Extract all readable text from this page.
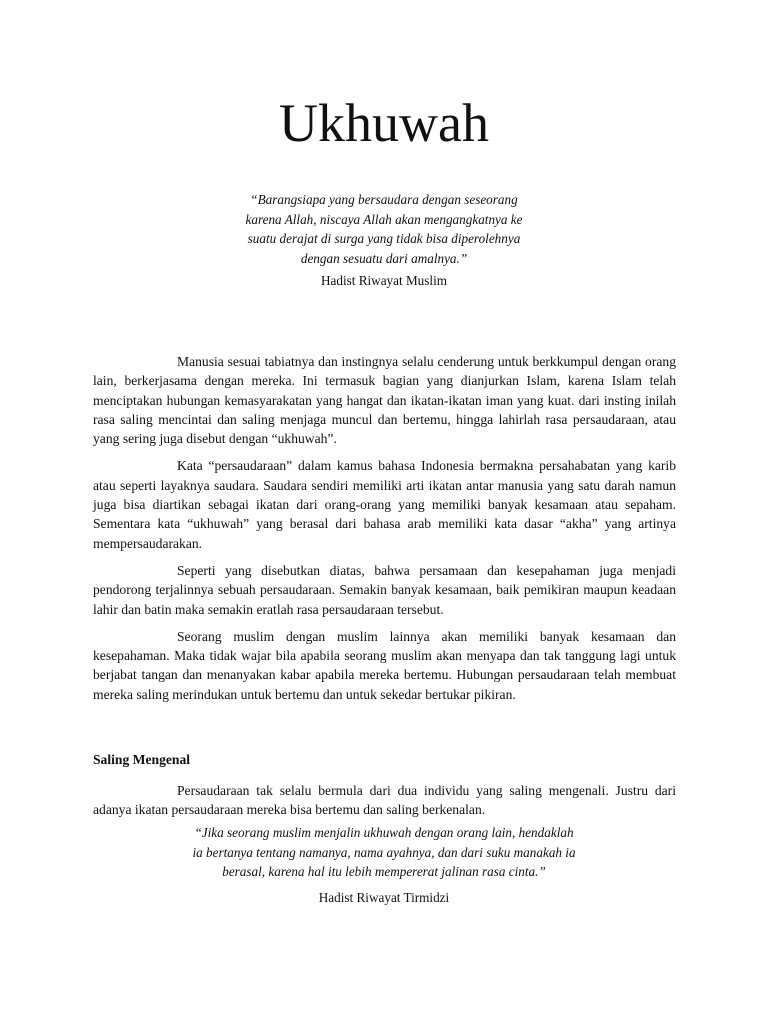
Ukhuwah
“Barangsiapa yang bersaudara dengan seseorang
karena Allah, niscaya Allah akan mengangkatnya ke
suatu derajat di surga yang tidak bisa diperolehnya
dengan sesuatu dari amalnya.”
Hadist Riwayat Muslim

Manusia sesuai tabiatnya dan instingnya selalu cenderung untuk berkkumpul dengan orang lain, berkerjasama dengan mereka. Ini termasuk bagian yang dianjurkan Islam, karena Islam telah menciptakan hubungan kemasyarakatan yang hangat dan ikatan-ikatan iman yang kuat. dari insting inilah rasa saling mencintai dan saling menjaga muncul dan bertemu, hingga lahirlah rasa persaudaraan, atau yang sering juga disebut dengan “ukhuwah”.

Kata “persaudaraan” dalam kamus bahasa Indonesia bermakna persahabatan yang karib atau seperti layaknya saudara. Saudara sendiri memiliki arti ikatan antar manusia yang satu darah namun juga bisa diartikan sebagai ikatan dari orang-orang yang memiliki banyak kesamaan atau sepaham. Sementara kata “ukhuwah” yang berasal dari bahasa arab memiliki kata dasar “akha” yang artinya mempersaudarakan.

Seperti yang disebutkan diatas, bahwa persamaan dan kesepahaman juga menjadi pendorong terjalinnya sebuah persaudaraan. Semakin banyak kesamaan, baik pemikiran maupun keadaan lahir dan batin maka semakin eratlah rasa persaudaraan tersebut.

Seorang muslim dengan muslim lainnya akan memiliki banyak kesamaan dan kesepahaman. Maka tidak wajar bila apabila seorang muslim akan menyapa dan tak tanggung lagi untuk berjabat tangan dan menanyakan kabar apabila mereka bertemu. Hubungan persaudaraan telah membuat mereka saling merindukan untuk bertemu dan untuk sekedar bertukar pikiran.

Saling Mengenal

Persaudaraan tak selalu bermula dari dua individu yang saling mengenali. Justru dari adanya ikatan persaudaraan mereka bisa bertemu dan saling berkenalan.

“Jika seorang muslim menjalin ukhuwah dengan orang lain, hendaklah
ia bertanya tentang namanya, nama ayahnya, dan dari suku manakah ia
berasal, karena hal itu lebih mempererat jalinan rasa cinta.”
Hadist Riwayat Tirmidzi
